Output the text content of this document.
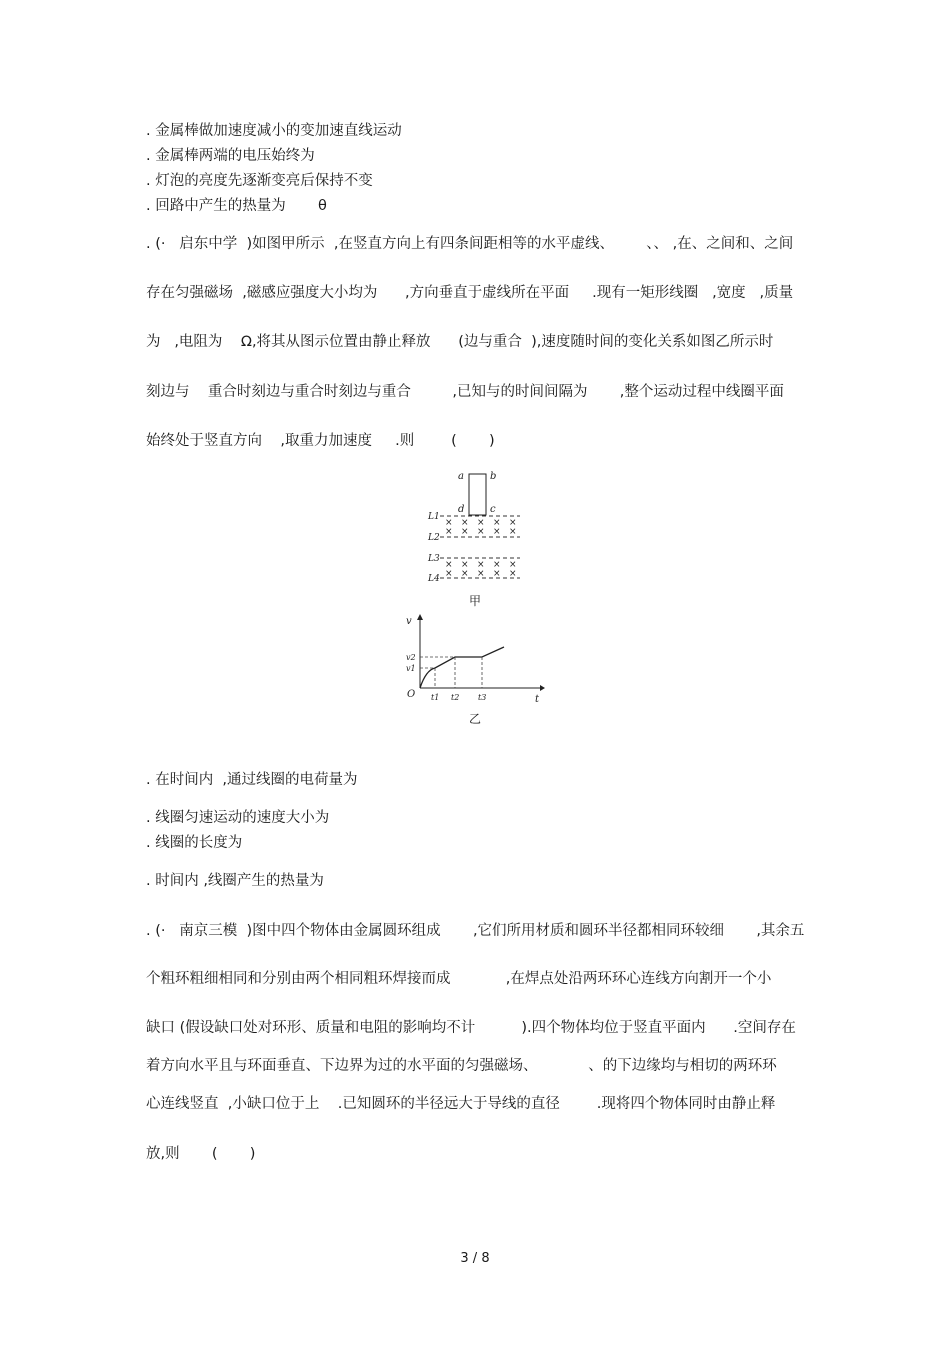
. 金属棒做加速度减小的变加速直线运动
. 金属棒两端的电压始终为
. 灯泡的亮度先逐渐变亮后保持不变
. 回路中产生的热量为       θ
. (·   启东中学  )如图甲所示  ,在竖直方向上有四条间距相等的水平虚线、       、、 ,在、之间和、之间
存在匀强磁场  ,磁感应强度大小均为      ,方向垂直于虚线所在平面     .现有一矩形线圈   ,宽度   ,质量
为   ,电阻为    Ω,将其从图示位置由静止释放      (边与重合  ),速度随时间的变化关系如图乙所示时
刻边与    重合时刻边与重合时刻边与重合         ,已知与的时间间隔为       ,整个运动过程中线圈平面
始终处于竖直方向    ,取重力加速度     .则        (       )
a	b
d	c
× × × × ×
× × × × ×
× × × × ×
× × × × ×
L1
L2
L3
L4
甲
v
t
O
v2
v1
t1 t2 t3
乙
. 在时间内  ,通过线圈的电荷量为
. 线圈匀速运动的速度大小为
. 线圈的长度为
. 时间内 ,线圈产生的热量为
. (·   南京三模  )图中四个物体由金属圆环组成       ,它们所用材质和圆环半径都相同环较细       ,其余五
个粗环粗细相同和分别由两个相同粗环焊接而成            ,在焊点处沿两环环心连线方向割开一个小
缺口 (假设缺口处对环形、质量和电阻的影响均不计          ).四个物体均位于竖直平面内      .空间存在
着方向水平且与环面垂直、下边界为过的水平面的匀强磁场、           、的下边缘均与相切的两环环
心连线竖直  ,小缺口位于上    .已知圆环的半径远大于导线的直径        .现将四个物体同时由静止释
放,则       (       )
3 / 8
